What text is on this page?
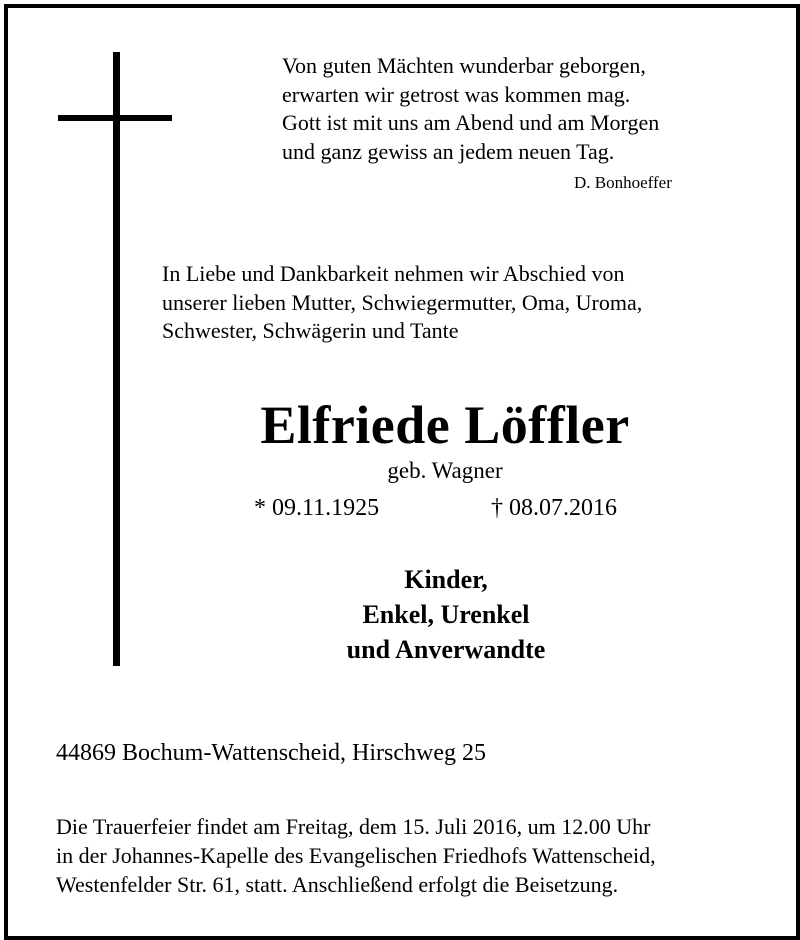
Von guten Mächten wunderbar geborgen,
erwarten wir getrost was kommen mag.
Gott ist mit uns am Abend und am Morgen
und ganz gewiss an jedem neuen Tag.
D. Bonhoeffer
In Liebe und Dankbarkeit nehmen wir Abschied von
unserer lieben Mutter, Schwiegermutter, Oma, Uroma,
Schwester, Schwägerin und Tante
Elfriede Löffler
geb. Wagner
* 09.11.1925	† 08.07.2016
Kinder,
Enkel, Urenkel
und Anverwandte
44869 Bochum-Wattenscheid, Hirschweg 25
Die Trauerfeier findet am Freitag, dem 15. Juli 2016, um 12.00 Uhr
in der Johannes-Kapelle des Evangelischen Friedhofs Wattenscheid,
Westenfelder Str. 61, statt. Anschließend erfolgt die Beisetzung.
